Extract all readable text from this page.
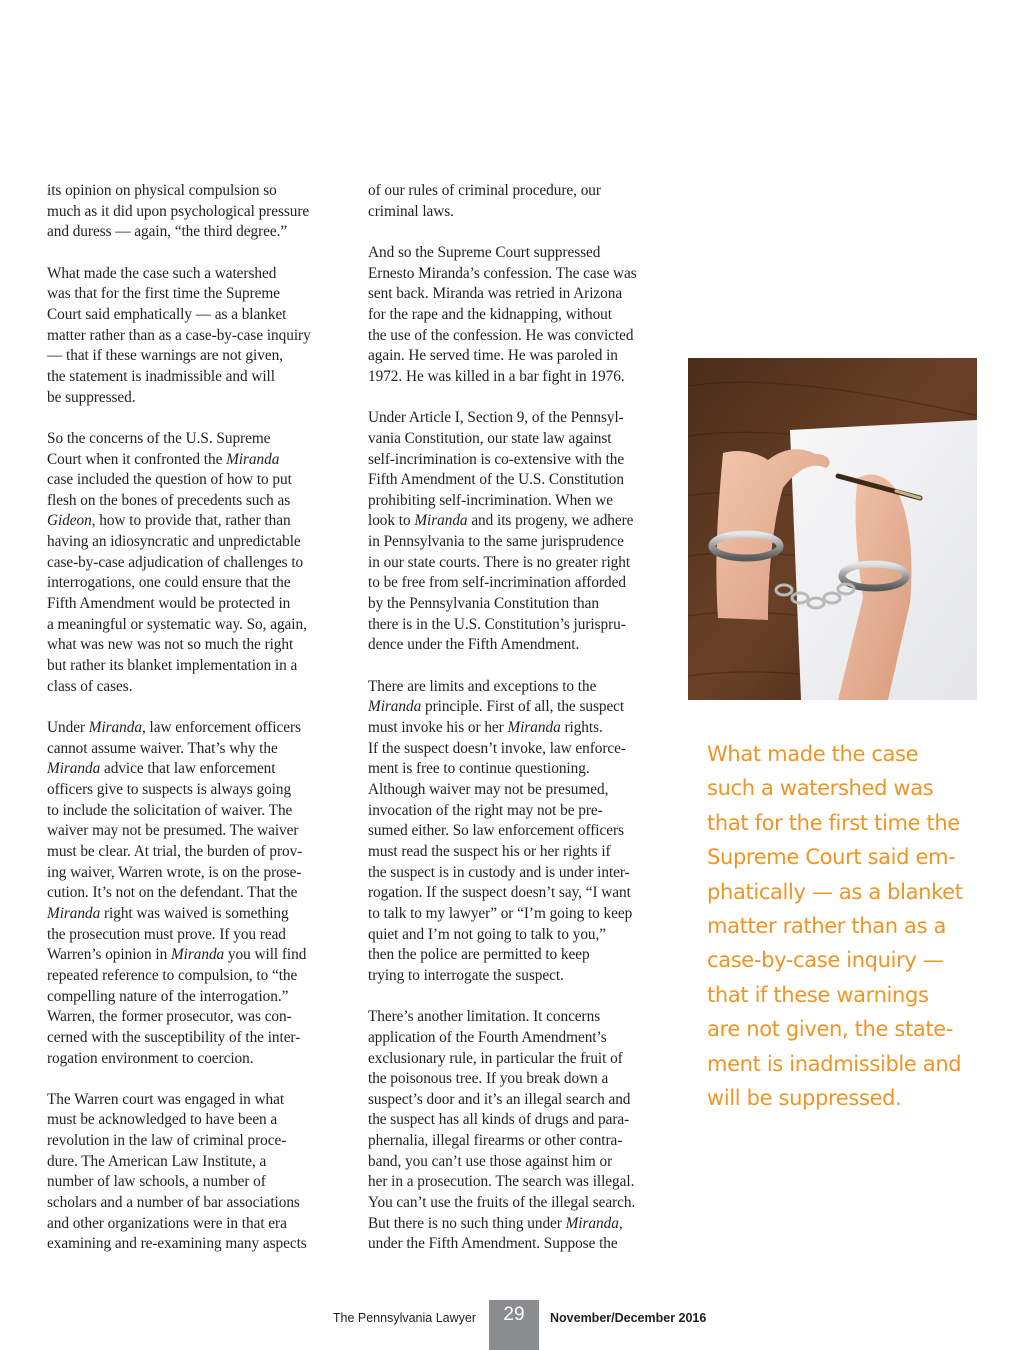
its opinion on physical compulsion so
much as it did upon psychological pressure
and duress — again, “the third degree.”

What made the case such a watershed
was that for the first time the Supreme
Court said emphatically — as a blanket
matter rather than as a case-by-case inquiry
— that if these warnings are not given,
the statement is inadmissible and will
be suppressed.

So the concerns of the U.S. Supreme
Court when it confronted the Miranda
case included the question of how to put
flesh on the bones of precedents such as
Gideon, how to provide that, rather than
having an idiosyncratic and unpredictable
case-by-case adjudication of challenges to
interrogations, one could ensure that the
Fifth Amendment would be protected in
a meaningful or systematic way. So, again,
what was new was not so much the right
but rather its blanket implementation in a
class of cases.

Under Miranda, law enforcement officers
cannot assume waiver. That’s why the
Miranda advice that law enforcement
officers give to suspects is always going
to include the solicitation of waiver. The
waiver may not be presumed. The waiver
must be clear. At trial, the burden of prov-
ing waiver, Warren wrote, is on the prose-
cution. It’s not on the defendant. That the
Miranda right was waived is something
the prosecution must prove. If you read
Warren’s opinion in Miranda you will find
repeated reference to compulsion, to “the
compelling nature of the interrogation.”
Warren, the former prosecutor, was con-
cerned with the susceptibility of the inter-
rogation environment to coercion.

The Warren court was engaged in what
must be acknowledged to have been a
revolution in the law of criminal proce-
dure. The American Law Institute, a
number of law schools, a number of
scholars and a number of bar associations
and other organizations were in that era
examining and re-examining many aspects

of our rules of criminal procedure, our
criminal laws.

And so the Supreme Court suppressed
Ernesto Miranda’s confession. The case was
sent back. Miranda was retried in Arizona
for the rape and the kidnapping, without
the use of the confession. He was convicted
again. He served time. He was paroled in
1972. He was killed in a bar fight in 1976.

Under Article I, Section 9, of the Pennsyl-
vania Constitution, our state law against
self-incrimination is co-extensive with the
Fifth Amendment of the U.S. Constitution
prohibiting self-incrimination. When we
look to Miranda and its progeny, we adhere
in Pennsylvania to the same jurisprudence
in our state courts. There is no greater right
to be free from self-incrimination afforded
by the Pennsylvania Constitution than
there is in the U.S. Constitution’s jurispru-
dence under the Fifth Amendment.

There are limits and exceptions to the
Miranda principle. First of all, the suspect
must invoke his or her Miranda rights.
If the suspect doesn’t invoke, law enforce-
ment is free to continue questioning.
Although waiver may not be presumed,
invocation of the right may not be pre-
sumed either. So law enforcement officers
must read the suspect his or her rights if
the suspect is in custody and is under inter-
rogation. If the suspect doesn’t say, “I want
to talk to my lawyer” or “I’m going to keep
quiet and I’m not going to talk to you,”
then the police are permitted to keep
trying to interrogate the suspect.

There’s another limitation. It concerns
application of the Fourth Amendment’s
exclusionary rule, in particular the fruit of
the poisonous tree. If you break down a
suspect’s door and it’s an illegal search and
the suspect has all kinds of drugs and para-
phernalia, illegal firearms or other contra-
band, you can’t use those against him or
her in a prosecution. The search was illegal.
You can’t use the fruits of the illegal search.
But there is no such thing under Miranda,
under the Fifth Amendment. Suppose the

What made the case
such a watershed was
that for the first time the
Supreme Court said em-
phatically — as a blanket
matter rather than as a
case-by-case inquiry —
that if these warnings
are not given, the state-
ment is inadmissible and
will be suppressed.
The Pennsylvania Lawyer	29	November/December 2016
